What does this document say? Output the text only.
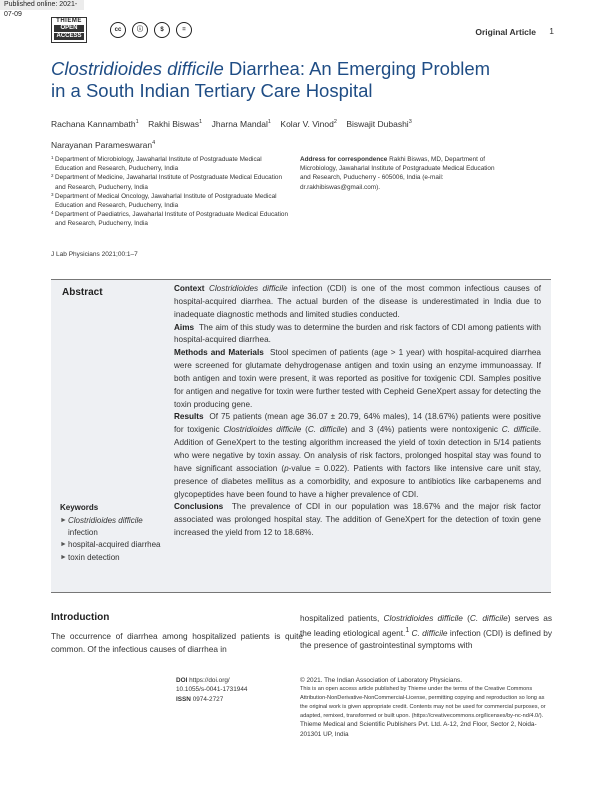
Published online: 2021-07-09
THIEME
OPEN
ACCESS
cc	ⓘ	$	=	Original Article 1
Clostridioides difficile Diarrhea: An Emerging Problem
in a South Indian Tertiary Care Hospital
Rachana Kannambath$^1$ Rakhi Biswas$^1$ Jharna Mandal$^1$ Kolar V. Vinod$^2$ Biswajit Dubashi$^3$
Narayanan Parameswaran$^4$
1 Department of Microbiology, Jawaharlal Institute of Postgraduate Medical Education and Research, Puducherry, India
2 Department of Medicine, Jawaharlal Institute of Postgraduate Medical Education and Research, Puducherry, India
3 Department of Medical Oncology, Jawaharlal Institute of Postgraduate Medical Education and Research, Puducherry, India
4 Department of Paediatrics, Jawaharlal Institute of Postgraduate Medical Education and Research, Puducherry, India
Address for correspondence Rakhi Biswas, MD, Department of Microbiology, Jawaharlal Institute of Postgraduate Medical Education and Research, Puducherry - 605006, India (e-mail: dr.rakhibiswas@gmail.com).
J Lab Physicians 2021;00:1–7
Abstract	Context Clostridioides difficile infection (CDI) is one of the most common infectious causes of hospital-acquired diarrhea. The actual burden of the disease is underestimated in India due to inadequate diagnostic methods and limited studies conducted.

Aims The aim of this study was to determine the burden and risk factors of CDI among patients with hospital-acquired diarrhea.

Methods and Materials Stool specimen of patients (age > 1 year) with hospital-acquired diarrhea were screened for glutamate dehydrogenase antigen and toxin using an enzyme immunoassay. If both antigen and toxin were present, it was reported as positive for toxigenic CDI. Samples positive for antigen and negative for toxin were further tested with Cepheid GeneXpert assay for detecting the toxin producing gene.

Results Of 75 patients (mean age 36.07 ± 20.79, 64% males), 14 (18.67%) patients were positive for toxigenic Clostridioides difficile (C. difficile) and 3 (4%) patients were nontoxigenic C. difficile. Addition of GeneXpert to the testing algorithm increased the yield of toxin detection in 5/14 patients who were negative by toxin assay. On analysis of risk factors, prolonged hospital stay was found to have significant association (p-value = 0.022). Patients with factors like intensive care unit stay, presence of diabetes mellitus as a comorbidity, and exposure to antibiotics like carbapenems and glycopeptides have been found to have a higher prevalence of CDI.

Conclusions The prevalence of CDI in our population was 18.67% and the major risk factor associated was prolonged hospital stay. The addition of GeneXpert for the detection of toxin gene increased the yield from 12 to 18.68%.

Keywords
► Clostridioides difficile infection
► hospital-acquired diarrhea
► toxin detection
Introduction
The occurrence of diarrhea among hospitalized patients is quite common. Of the infectious causes of diarrhea in
hospitalized patients, Clostridioides difficile (C. difficile) serves as the leading etiological agent.$^1$ C. difficile infection (CDI) is defined by the presence of gastrointestinal symptoms with
DOI https://doi.org/
10.1055/s-0041-1731944
ISSN 0974-2727
© 2021. The Indian Association of Laboratory Physicians.
This is an open access article published by Thieme under the terms of the Creative Commons Attribution-NonDerivative-NonCommercial-License, permitting copying and reproduction so long as the original work is given appropriate credit. Contents may not be used for commercial purposes, or adapted, remixed, transformed or built upon. (https://creativecommons.org/licenses/by-nc-nd/4.0/).
Thieme Medical and Scientific Publishers Pvt. Ltd. A-12, 2nd Floor, Sector 2, Noida-201301 UP, India
